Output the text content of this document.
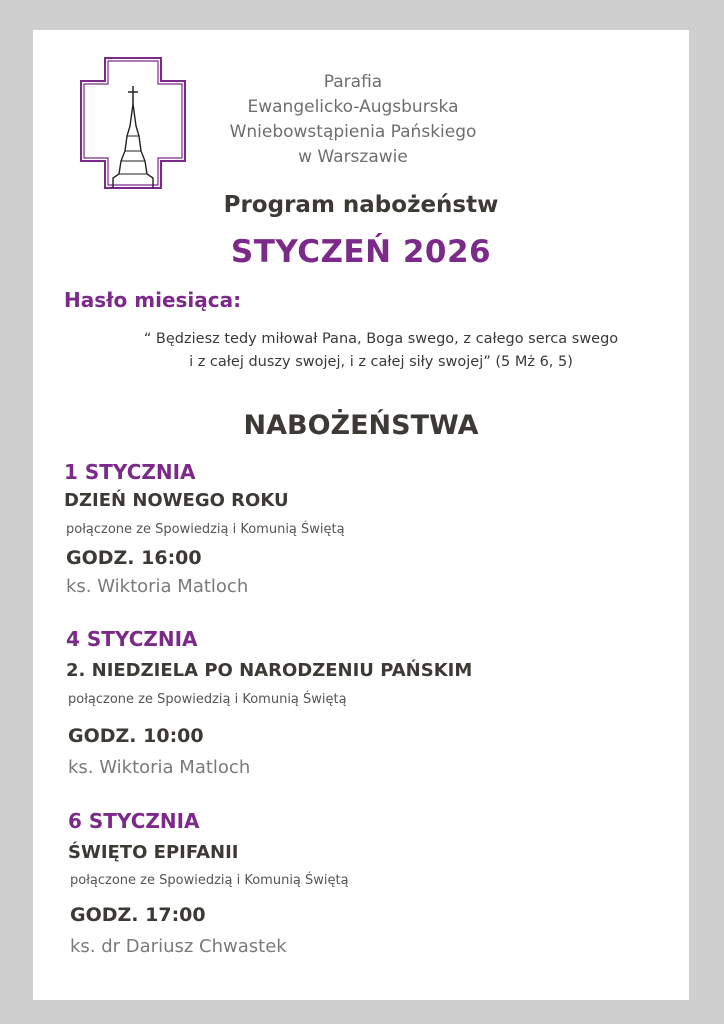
Parafia
Ewangelicko-Augsburska
Wniebowstąpienia Pańskiego
w Warszawie
Program nabożeństw
STYCZEŃ 2026
Hasło miesiąca:
“ Będziesz tedy miłował Pana, Boga swego, z całego serca swego
i z całej duszy swojej, i z całej siły swojej” (5 Mż 6, 5)
NABOŻEŃSTWA
1 STYCZNIA
DZIEŃ NOWEGO ROKU
połączone ze Spowiedzią i Komunią Świętą
GODZ. 16:00
ks. Wiktoria Matloch
4 STYCZNIA
2. NIEDZIELA PO NARODZENIU PAŃSKIM
połączone ze Spowiedzią i Komunią Świętą
GODZ. 10:00
ks. Wiktoria Matloch
6 STYCZNIA
ŚWIĘTO EPIFANII
połączone ze Spowiedzią i Komunią Świętą
GODZ. 17:00
ks. dr Dariusz Chwastek
